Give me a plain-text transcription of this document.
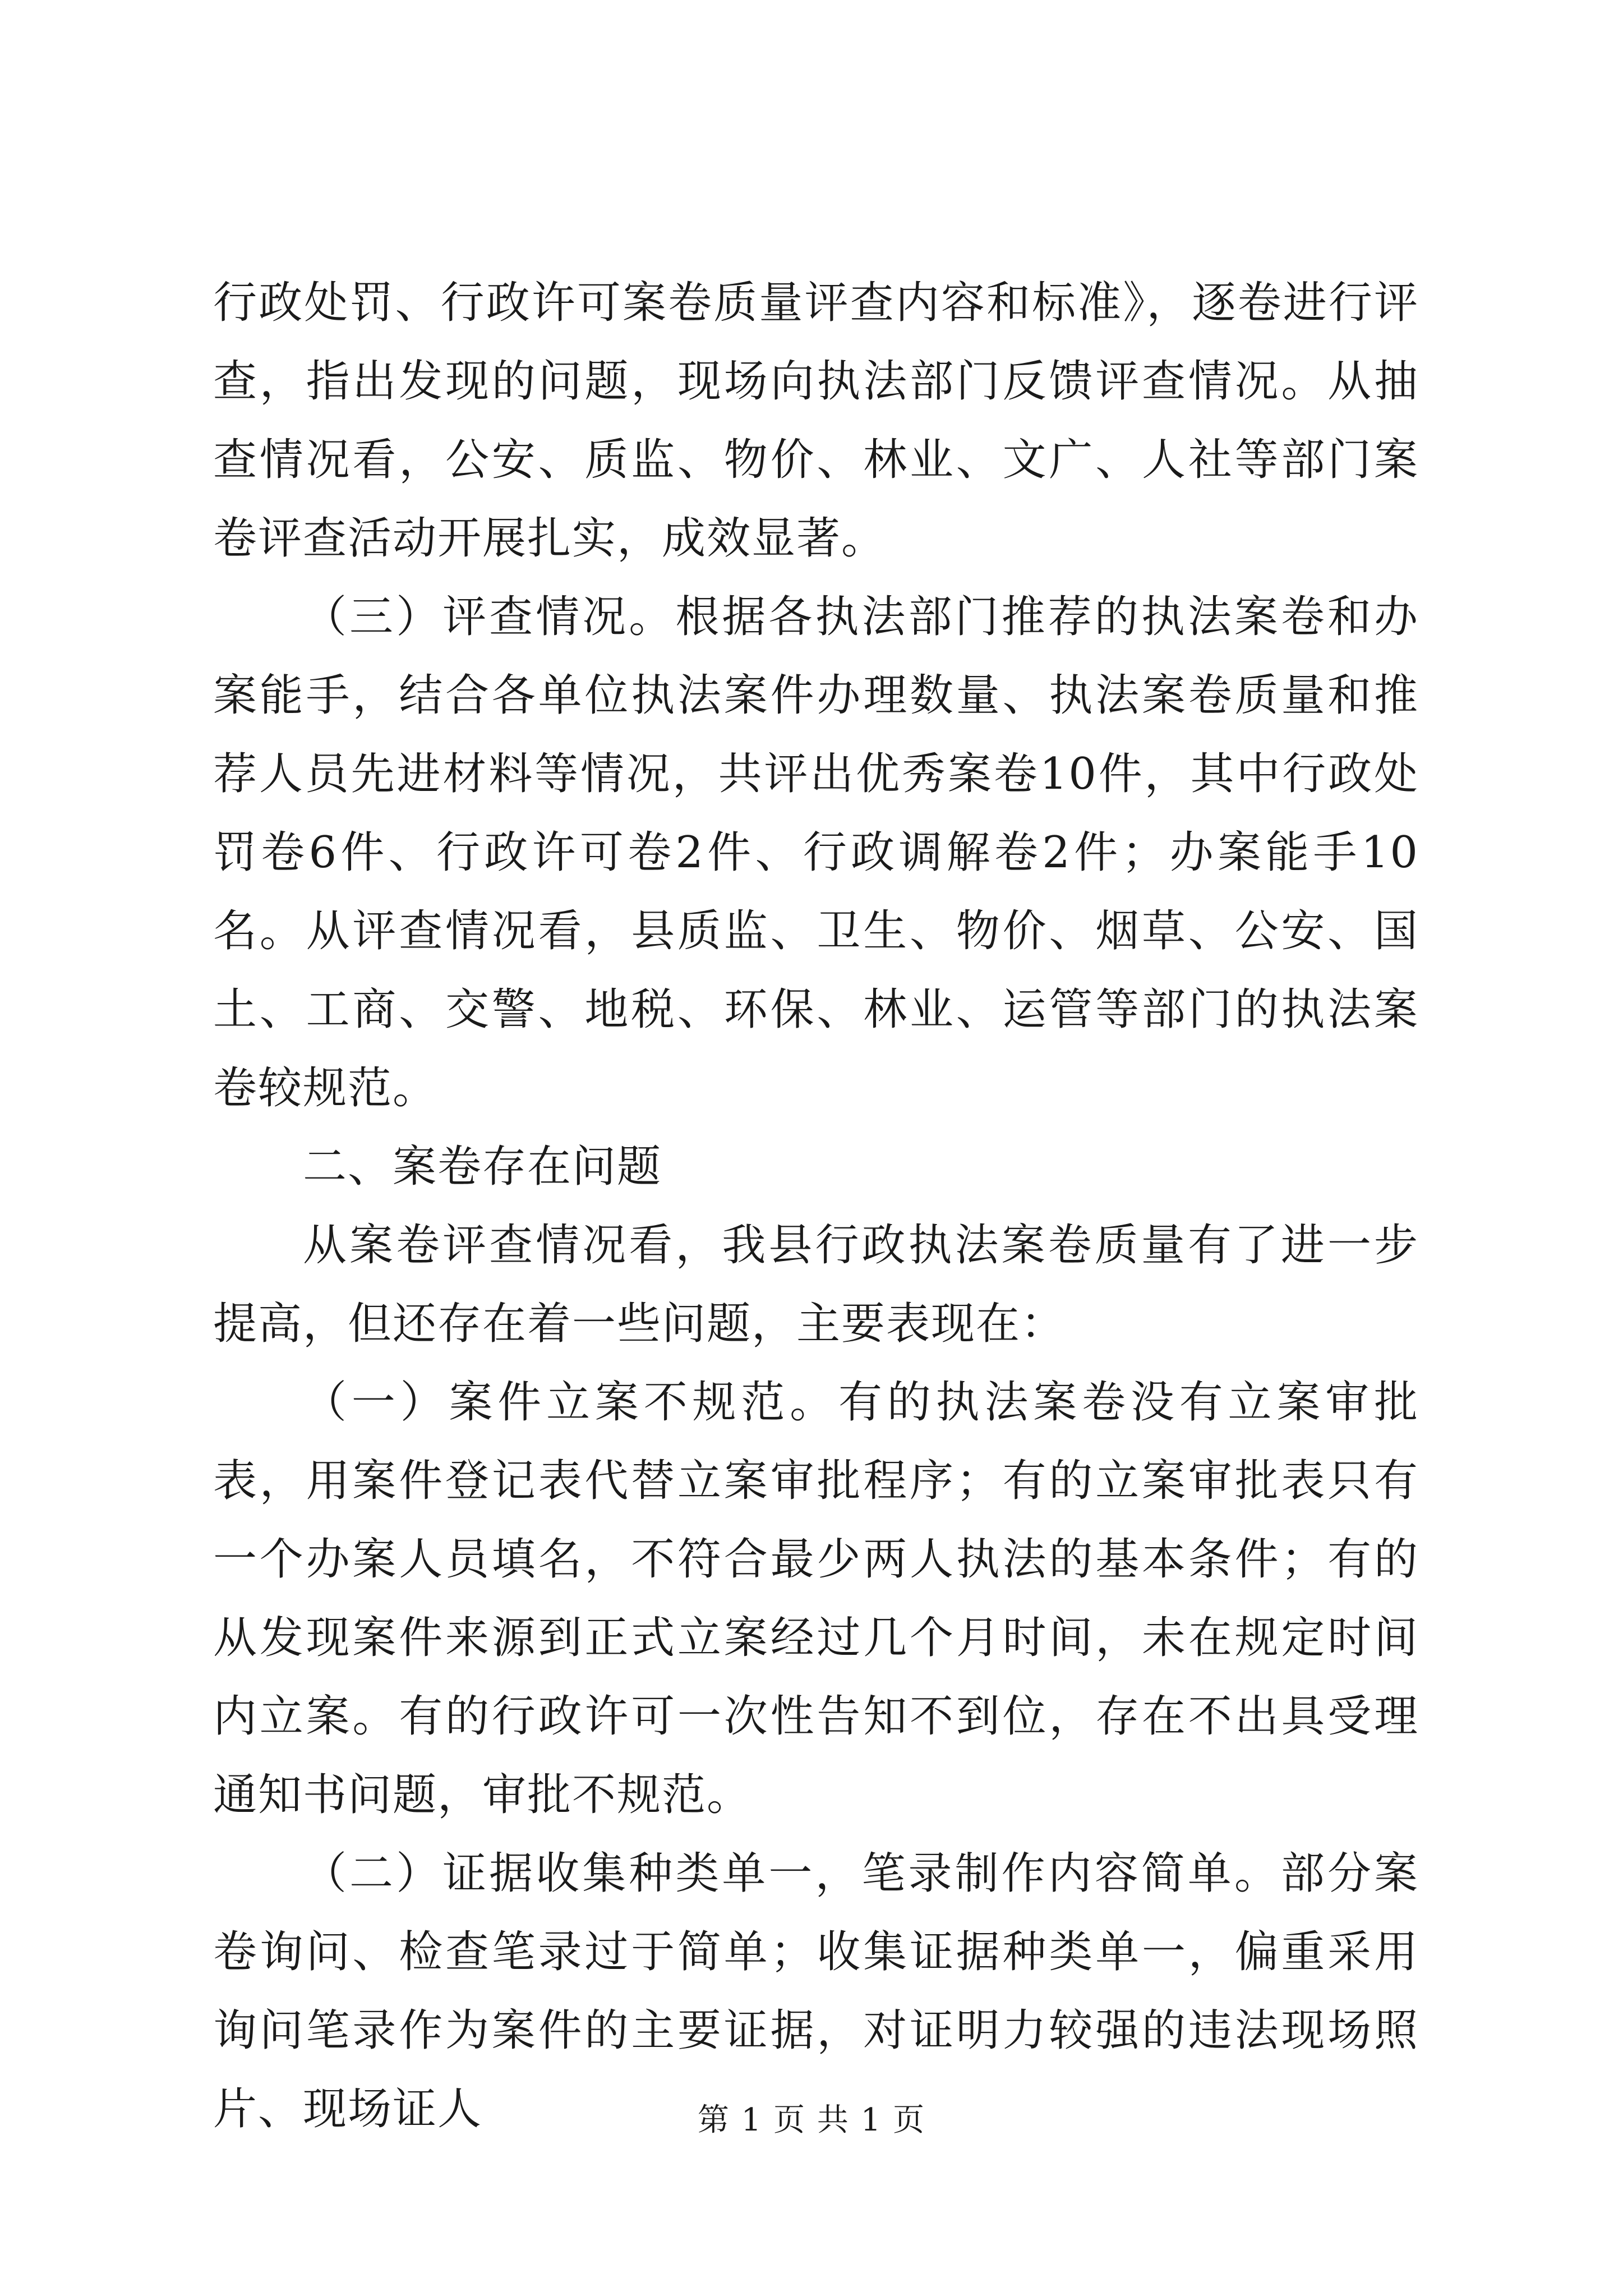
行政处罚、行政许可案卷质量评查内容和标准》，逐卷进行评查，指出发现的问题，现场向执法部门反馈评查情况。从抽查情况看，公安、质监、物价、林业、文广、人社等部门案卷评查活动开展扎实，成效显著。

（三）评查情况。根据各执法部门推荐的执法案卷和办案能手，结合各单位执法案件办理数量、执法案卷质量和推荐人员先进材料等情况，共评出优秀案卷10件，其中行政处罚卷6件、行政许可卷2件、行政调解卷2件；办案能手10名。从评查情况看，县质监、卫生、物价、烟草、公安、国土、工商、交警、地税、环保、林业、运管等部门的执法案卷较规范。

二、案卷存在问题

从案卷评查情况看，我县行政执法案卷质量有了进一步提高，但还存在着一些问题，主要表现在：

（一）案件立案不规范。有的执法案卷没有立案审批表，用案件登记表代替立案审批程序；有的立案审批表只有一个办案人员填名，不符合最少两人执法的基本条件；有的从发现案件来源到正式立案经过几个月时间，未在规定时间内立案。有的行政许可一次性告知不到位，存在不出具受理通知书问题，审批不规范。

（二）证据收集种类单一，笔录制作内容简单。部分案卷询问、检查笔录过于简单；收集证据种类单一，偏重采用询问笔录作为案件的主要证据，对证明力较强的违法现场照片、现场证人	第 1 页 共 1 页
